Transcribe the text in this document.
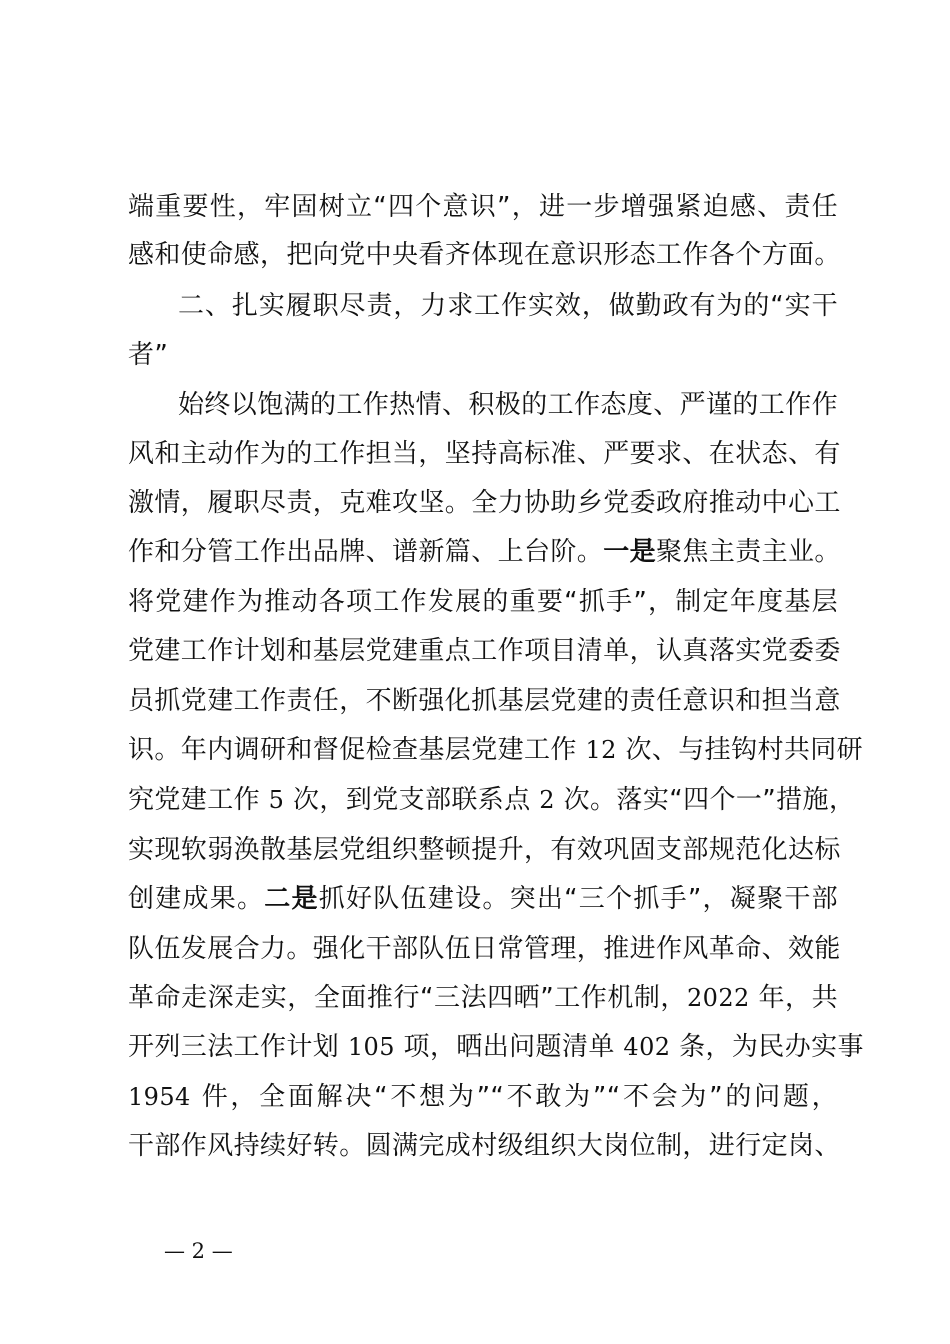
端重要性，牢固树立“四个意识”，进一步增强紧迫感、责任
感和使命感，把向党中央看齐体现在意识形态工作各个方面。
二、扎实履职尽责，力求工作实效，做勤政有为的“实干
者”
始终以饱满的工作热情、积极的工作态度、严谨的工作作
风和主动作为的工作担当，坚持高标准、严要求、在状态、有
激情，履职尽责，克难攻坚。全力协助乡党委政府推动中心工
作和分管工作出品牌、谱新篇、上台阶。一是聚焦主责主业。
将党建作为推动各项工作发展的重要“抓手”，制定年度基层
党建工作计划和基层党建重点工作项目清单，认真落实党委委
员抓党建工作责任，不断强化抓基层党建的责任意识和担当意
识。年内调研和督促检查基层党建工作 12 次、与挂钩村共同研
究党建工作 5 次，到党支部联系点 2 次。落实“四个一”措施，
实现软弱涣散基层党组织整顿提升，有效巩固支部规范化达标
创建成果。二是抓好队伍建设。突出“三个抓手”，凝聚干部
队伍发展合力。强化干部队伍日常管理，推进作风革命、效能
革命走深走实，全面推行“三法四晒”工作机制，2022 年，共
开列三法工作计划 105 项，晒出问题清单 402 条，为民办实事
1954 件，全面解决“不想为”“不敢为”“不会为”的问题，
干部作风持续好转。圆满完成村级组织大岗位制，进行定岗、
— 2 —
